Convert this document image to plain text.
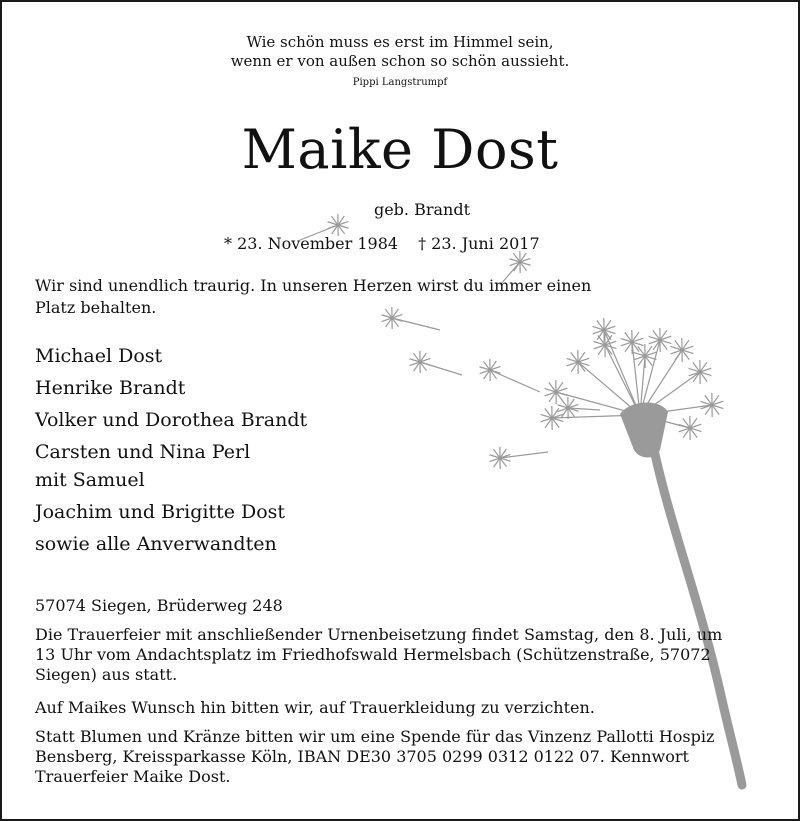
Wie schön muss es erst im Himmel sein,

wenn er von außen schon so schön aussieht.

Pippi Langstrumpf

Maike Dost

geb. Brandt

* 23. November 1984 † 23. Juni 2017

Wir sind unendlich traurig. In unseren Herzen wirst du immer einen Platz behalten.

Michael Dost
Henrike Brandt
Volker und Dorothea Brandt
Carsten und Nina Perl
mit Samuel
Joachim und Brigitte Dost
sowie alle Anverwandten

57074 Siegen, Brüderweg 248

Die Trauerfeier mit anschließender Urnenbeisetzung findet Samstag, den 8. Juli, um 13 Uhr vom Andachtsplatz im Friedhofswald Hermelsbach (Schützenstraße, 57072 Siegen) aus statt.

Auf Maikes Wunsch hin bitten wir, auf Trauerkleidung zu verzichten.

Statt Blumen und Kränze bitten wir um eine Spende für das Vinzenz Pallotti Hospiz Bensberg, Kreissparkasse Köln, IBAN DE30 3705 0299 0312 0122 07. Kennwort Trauerfeier Maike Dost.
